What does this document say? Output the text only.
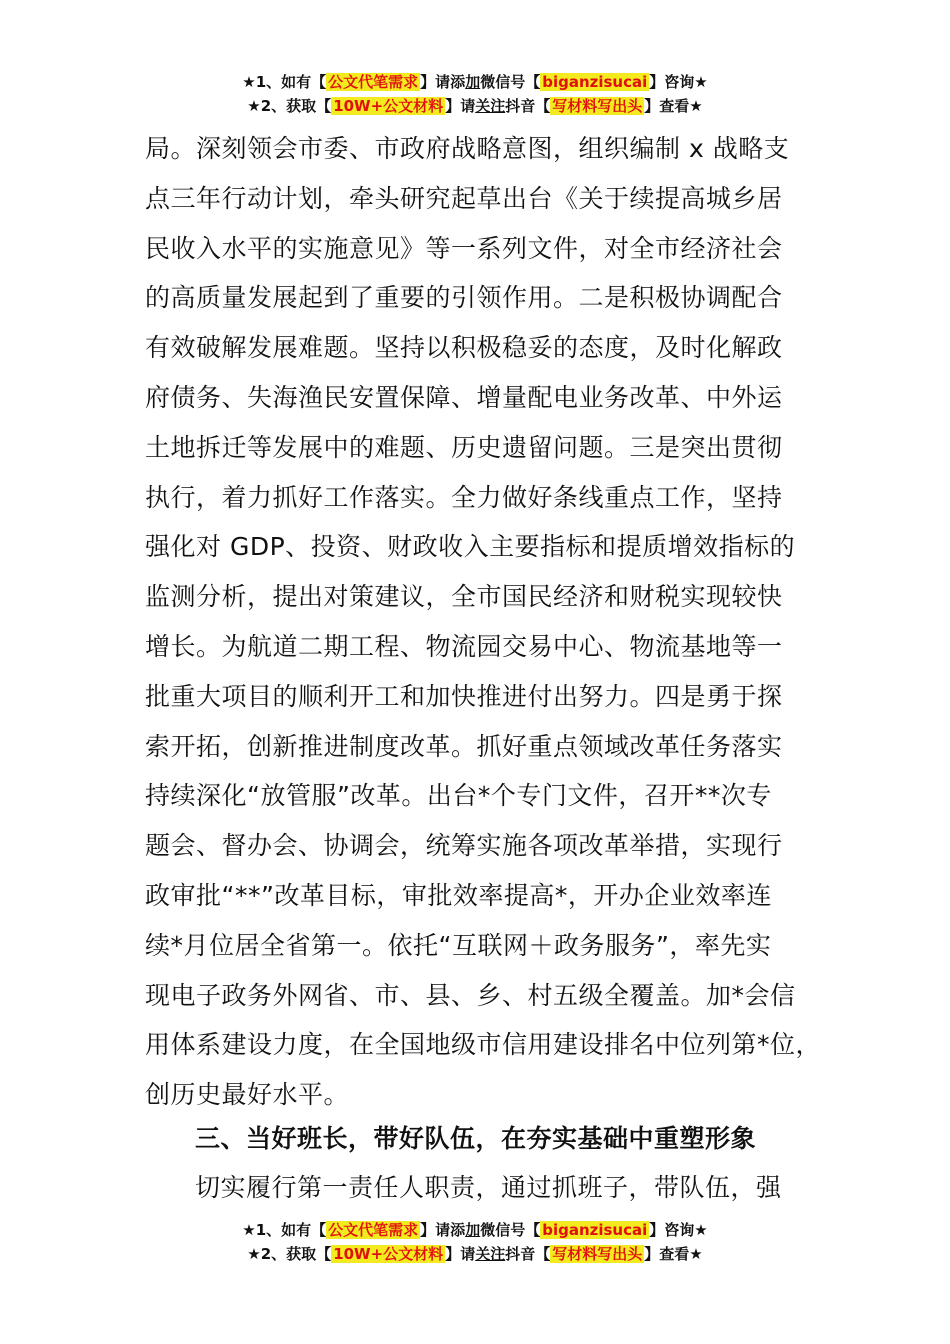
★1、如有【 公文代笔需求 】请添加微信号【 biganzisucai 】咨询★
★2、获取【 10W+公文材料 】请关注抖音【 写材料写出头 】查看★
局。深刻领会市委、市政府战略意图，组织编制 x 战略支
点三年行动计划，牵头研究起草出台《关于续提高城乡居
民收入水平的实施意见》等一系列文件，对全市经济社会
的高质量发展起到了重要的引领作用。二是积极协调配合
有效破解发展难题。坚持以积极稳妥的态度，及时化解政
府债务、失海渔民安置保障、增量配电业务改革、中外运
土地拆迁等发展中的难题、历史遗留问题。三是突出贯彻
执行，着力抓好工作落实。全力做好条线重点工作，坚持
强化对 GDP、投资、财政收入主要指标和提质增效指标的
监测分析，提出对策建议，全市国民经济和财税实现较快
增长。为航道二期工程、物流园交易中心、物流基地等一
批重大项目的顺利开工和加快推进付出努力。四是勇于探
索开拓，创新推进制度改革。抓好重点领域改革任务落实
持续深化“放管服”改革。出台*个专门文件，召开**次专
题会、督办会、协调会，统筹实施各项改革举措，实现行
政审批“**”改革目标，审批效率提高*，开办企业效率连
续*月位居全省第一。依托“互联网＋政务服务”，率先实
现电子政务外网省、市、县、乡、村五级全覆盖。加*会信
用体系建设力度，在全国地级市信用建设排名中位列第*位，
创历史最好水平。
三、当好班长，带好队伍，在夯实基础中重塑形象
切实履行第一责任人职责，通过抓班子，带队伍，强
★1、如有【 公文代笔需求 】请添加微信号【 biganzisucai 】咨询★
★2、获取【 10W+公文材料 】请关注抖音【 写材料写出头 】查看★
